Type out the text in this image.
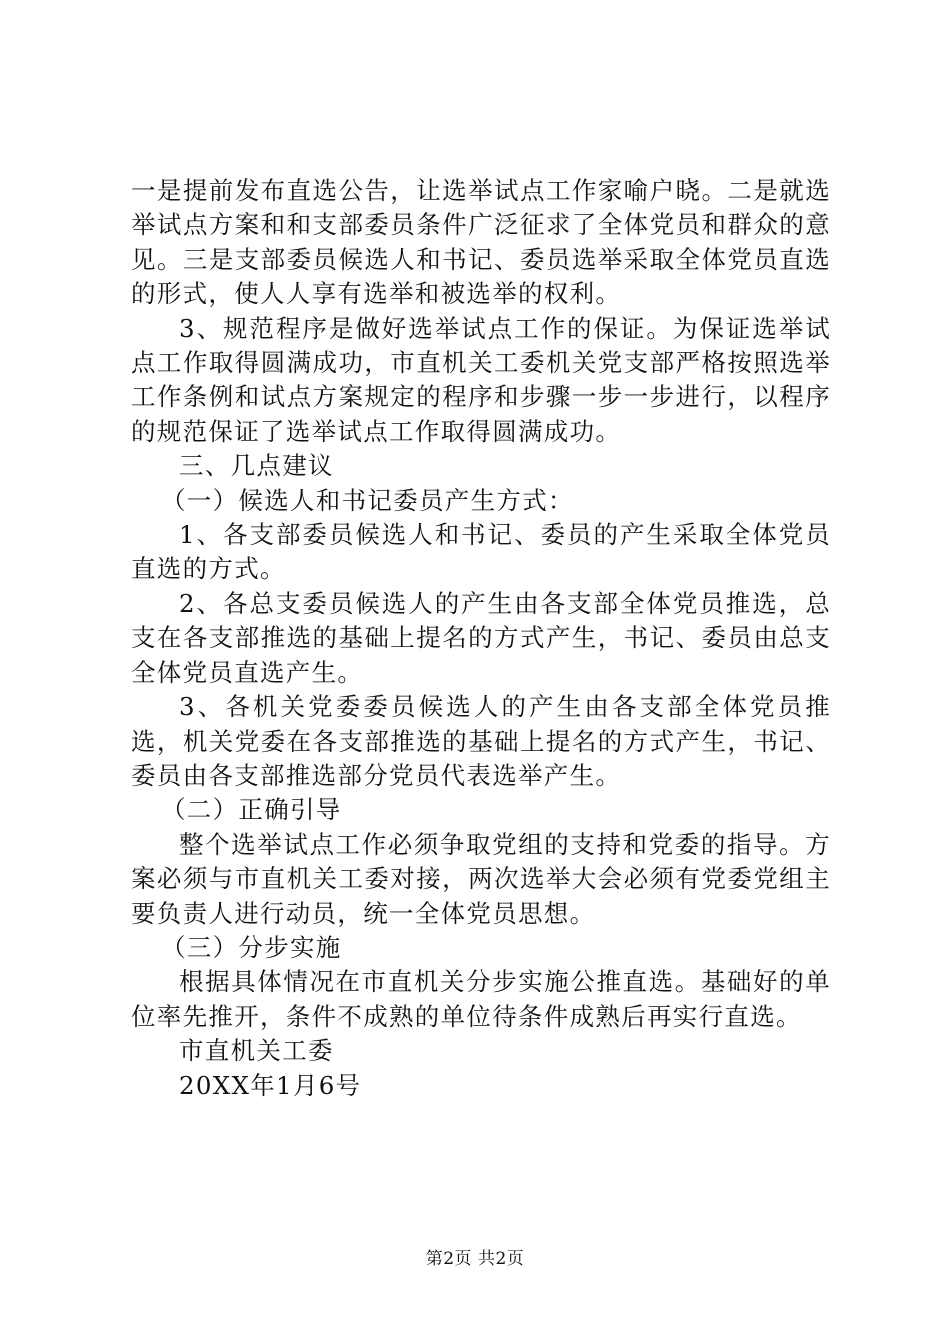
一是提前发布直选公告，让选举试点工作家喻户晓。二是就选举试点方案和和支部委员条件广泛征求了全体党员和群众的意见。三是支部委员候选人和书记、委员选举采取全体党员直选的形式，使人人享有选举和被选举的权利。

3、规范程序是做好选举试点工作的保证。为保证选举试点工作取得圆满成功，市直机关工委机关党支部严格按照选举工作条例和试点方案规定的程序和步骤一步一步进行，以程序的规范保证了选举试点工作取得圆满成功。

三、几点建议

（一）候选人和书记委员产生方式：

1、各支部委员候选人和书记、委员的产生采取全体党员直选的方式。

2、各总支委员候选人的产生由各支部全体党员推选，总支在各支部推选的基础上提名的方式产生，书记、委员由总支全体党员直选产生。

3、各机关党委委员候选人的产生由各支部全体党员推选，机关党委在各支部推选的基础上提名的方式产生，书记、委员由各支部推选部分党员代表选举产生。

（二）正确引导

整个选举试点工作必须争取党组的支持和党委的指导。方案必须与市直机关工委对接，两次选举大会必须有党委党组主要负责人进行动员，统一全体党员思想。

（三）分步实施

根据具体情况在市直机关分步实施公推直选。基础好的单位率先推开，条件不成熟的单位待条件成熟后再实行直选。

市直机关工委

20XX年1月6号

第2页 共2页
